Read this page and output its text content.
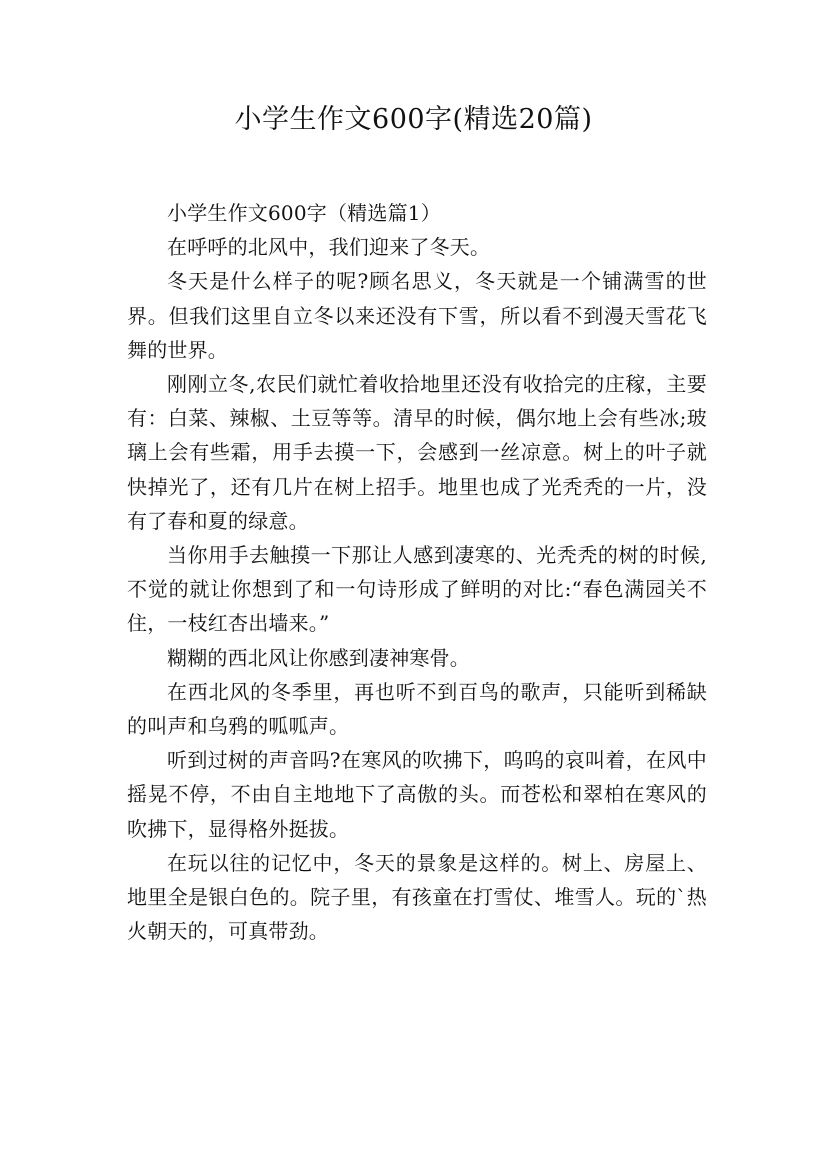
小学生作文600字(精选20篇)

小学生作文600字（精选篇1）

在呼呼的北风中，我们迎来了冬天。

冬天是什么样子的呢?顾名思义，冬天就是一个铺满雪的世界。但我们这里自立冬以来还没有下雪，所以看不到漫天雪花飞舞的世界。

刚刚立冬,农民们就忙着收拾地里还没有收拾完的庄稼，主要有：白菜、辣椒、土豆等等。清早的时候，偶尔地上会有些冰;玻璃上会有些霜，用手去摸一下，会感到一丝凉意。树上的叶子就快掉光了，还有几片在树上招手。地里也成了光秃秃的一片，没有了春和夏的绿意。

当你用手去触摸一下那让人感到凄寒的、光秃秃的树的时候,不觉的就让你想到了和一句诗形成了鲜明的对比:“春色满园关不住，一枝红杏出墙来。”

糊糊的西北风让你感到凄神寒骨。

在西北风的冬季里，再也听不到百鸟的歌声，只能听到稀缺的叫声和乌鸦的呱呱声。

听到过树的声音吗?在寒风的吹拂下，呜呜的哀叫着，在风中摇晃不停，不由自主地地下了高傲的头。而苍松和翠柏在寒风的吹拂下，显得格外挺拔。

在玩以往的记忆中，冬天的景象是这样的。树上、房屋上、地里全是银白色的。院子里，有孩童在打雪仗、堆雪人。玩的`热火朝天的，可真带劲。
